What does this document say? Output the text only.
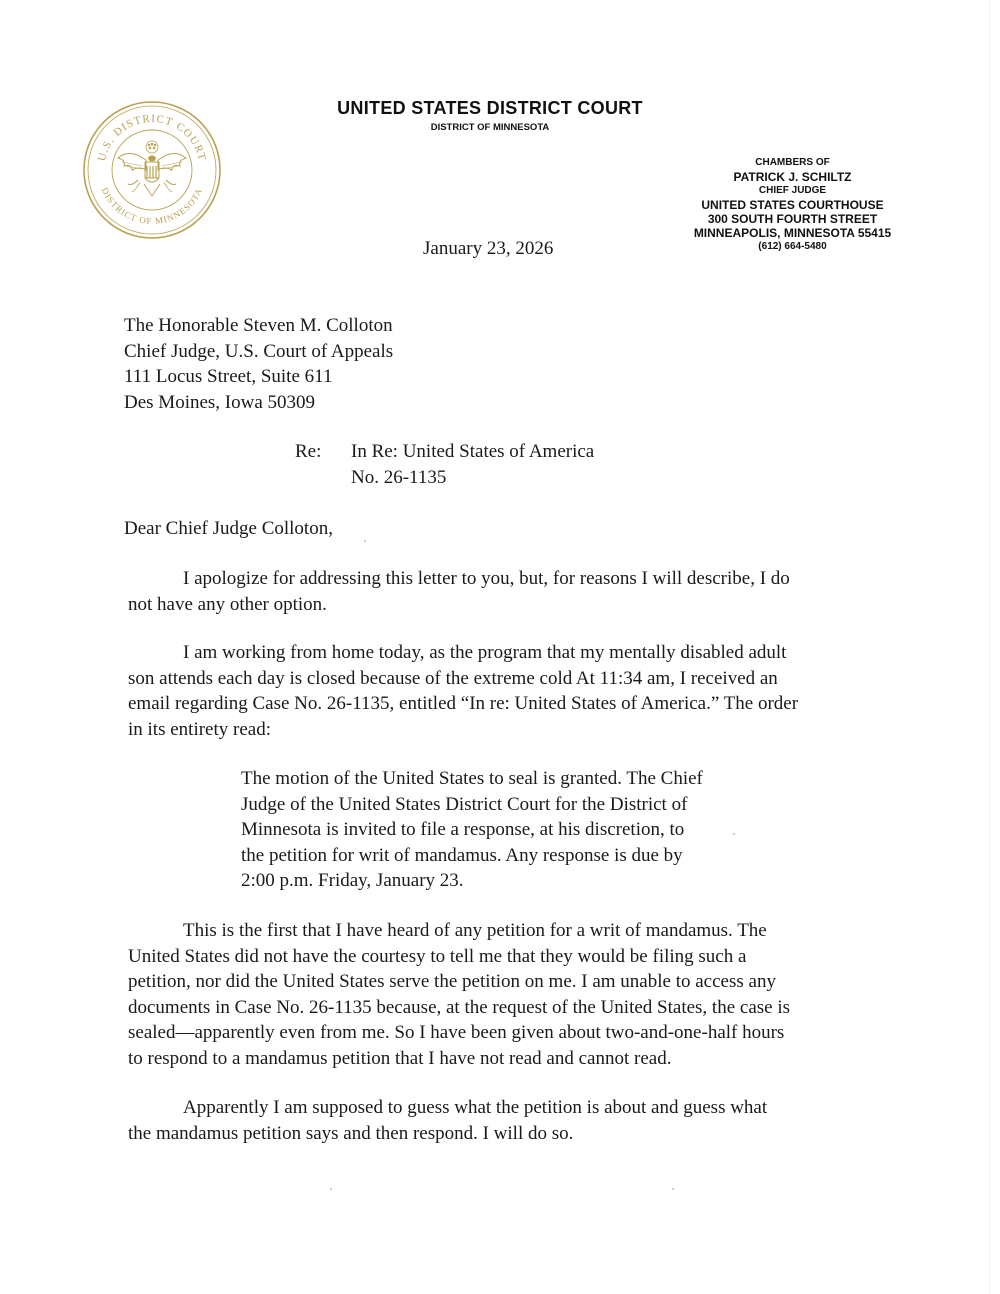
U.S. DISTRICT COURT
DISTRICT OF MINNESOTA
UNITED STATES DISTRICT COURT
DISTRICT OF MINNESOTA
CHAMBERS OF
PATRICK J. SCHILTZ
CHIEF JUDGE
UNITED STATES COURTHOUSE
300 SOUTH FOURTH STREET
MINNEAPOLIS, MINNESOTA 55415
(612) 664-5480
January 23, 2026
The Honorable Steven M. Colloton
Chief Judge, U.S. Court of Appeals
111 Locus Street, Suite 611
Des Moines, Iowa 50309
Re: In Re: United States of America
No. 26-1135
Dear Chief Judge Colloton,
I apologize for addressing this letter to you, but, for reasons I will describe, I do
not have any other option.
I am working from home today, as the program that my mentally disabled adult
son attends each day is closed because of the extreme cold At 11:34 am, I received an
email regarding Case No. 26-1135, entitled “In re: United States of America.” The order
in its entirety read:
The motion of the United States to seal is granted. The Chief
Judge of the United States District Court for the District of
Minnesota is invited to file a response, at his discretion, to
the petition for writ of mandamus. Any response is due by
2:00 p.m. Friday, January 23.
This is the first that I have heard of any petition for a writ of mandamus. The
United States did not have the courtesy to tell me that they would be filing such a
petition, nor did the United States serve the petition on me. I am unable to access any
documents in Case No. 26-1135 because, at the request of the United States, the case is
sealed—apparently even from me. So I have been given about two-and-one-half hours
to respond to a mandamus petition that I have not read and cannot read.
Apparently I am supposed to guess what the petition is about and guess what
the mandamus petition says and then respond. I will do so.
